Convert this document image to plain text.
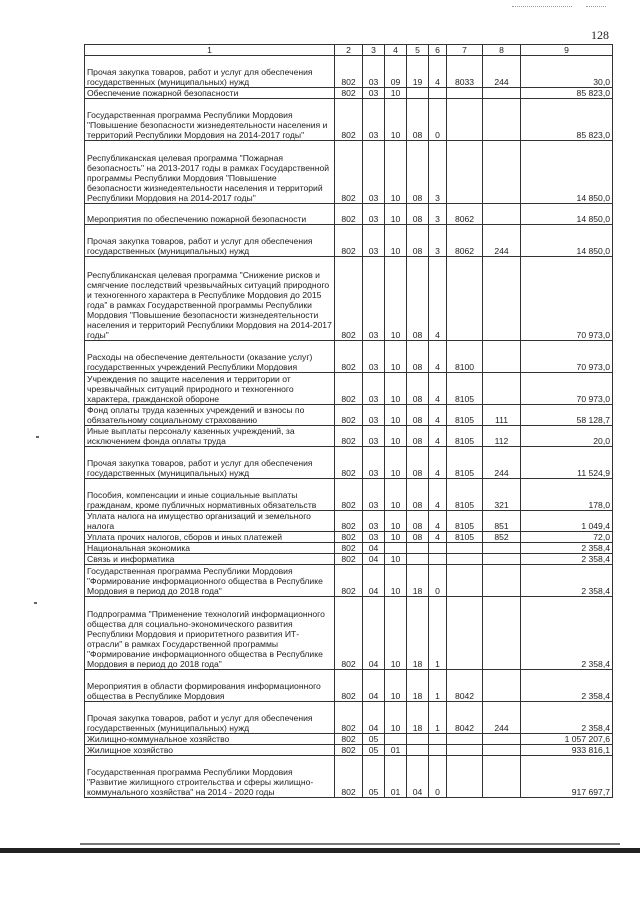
128
1	2	3	4	5	6	7	8	9
Прочая закупка товаров, работ и услуг для обеспечения государственных (муниципальных) нужд	802	03	09	19	4	8033	244	30,0
Обеспечение пожарной безопасности	802	03	10					85 823,0
Государственная программа Республики Мордовия "Повышение безопасности жизнедеятельности населения и территорий Республики Мордовия на 2014-2017 годы"	802	03	10	08	0			85 823,0
Республиканская целевая программа "Пожарная безопасность" на 2013-2017 годы в рамках Государственной программы Республики Мордовия "Повышение безопасности жизнедеятельности населения и территорий Республики Мордовия на 2014-2017 годы"	802	03	10	08	3			14 850,0
Мероприятия по обеспечению пожарной безопасности	802	03	10	08	3	8062		14 850,0
Прочая закупка товаров, работ и услуг для обеспечения государственных (муниципальных) нужд	802	03	10	08	3	8062	244	14 850,0
Республиканская целевая программа "Снижение рисков и смягчение последствий чрезвычайных ситуаций природного и техногенного характера в Республике Мордовия до 2015 года" в рамках Государственной программы Республики Мордовия "Повышение безопасности жизнедеятельности населения и территорий Республики Мордовия на 2014-2017 годы"	802	03	10	08	4			70 973,0
Расходы на обеспечение деятельности (оказание услуг) государственных учреждений Республики Мордовия	802	03	10	08	4	8100		70 973,0
Учреждения по защите населения и территории от чрезвычайных ситуаций природного и техногенного характера, гражданской обороне	802	03	10	08	4	8105		70 973,0
Фонд оплаты труда казенных учреждений и взносы по обязательному социальному страхованию	802	03	10	08	4	8105	111	58 128,7
Иные выплаты персоналу казенных учреждений, за исключением фонда оплаты труда	802	03	10	08	4	8105	112	20,0
Прочая закупка товаров, работ и услуг для обеспечения государственных (муниципальных) нужд	802	03	10	08	4	8105	244	11 524,9
Пособия, компенсации и иные социальные выплаты гражданам, кроме публичных нормативных обязательств	802	03	10	08	4	8105	321	178,0
Уплата налога на имущество организаций и земельного налога	802	03	10	08	4	8105	851	1 049,4
Уплата прочих налогов, сборов и иных платежей	802	03	10	08	4	8105	852	72,0
Национальная экономика	802	04						2 358,4
Связь и информатика	802	04	10					2 358,4
Государственная программа Республики Мордовия "Формирование информационного общества в Республике Мордовия в период до 2018 года"	802	04	10	18	0			2 358,4
Подпрограмма "Применение технологий информационного общества для социально-экономического развития Республики Мордовия и приоритетного развития ИТ-отрасли" в рамках Государственной программы "Формирование информационного общества в Республике Мордовия в период до 2018 года"	802	04	10	18	1			2 358,4
Мероприятия в области формирования информационного общества в Республике Мордовия	802	04	10	18	1	8042		2 358,4
Прочая закупка товаров, работ и услуг для обеспечения государственных (муниципальных) нужд	802	04	10	18	1	8042	244	2 358,4
Жилищно-коммунальное хозяйство	802	05						1 057 207,6
Жилищное хозяйство	802	05	01					933 816,1
Государственная программа Республики Мордовия "Развитие жилищного строительства и сферы жилищно-коммунального хозяйства" на 2014 - 2020 годы	802	05	01	04	0			917 697,7
